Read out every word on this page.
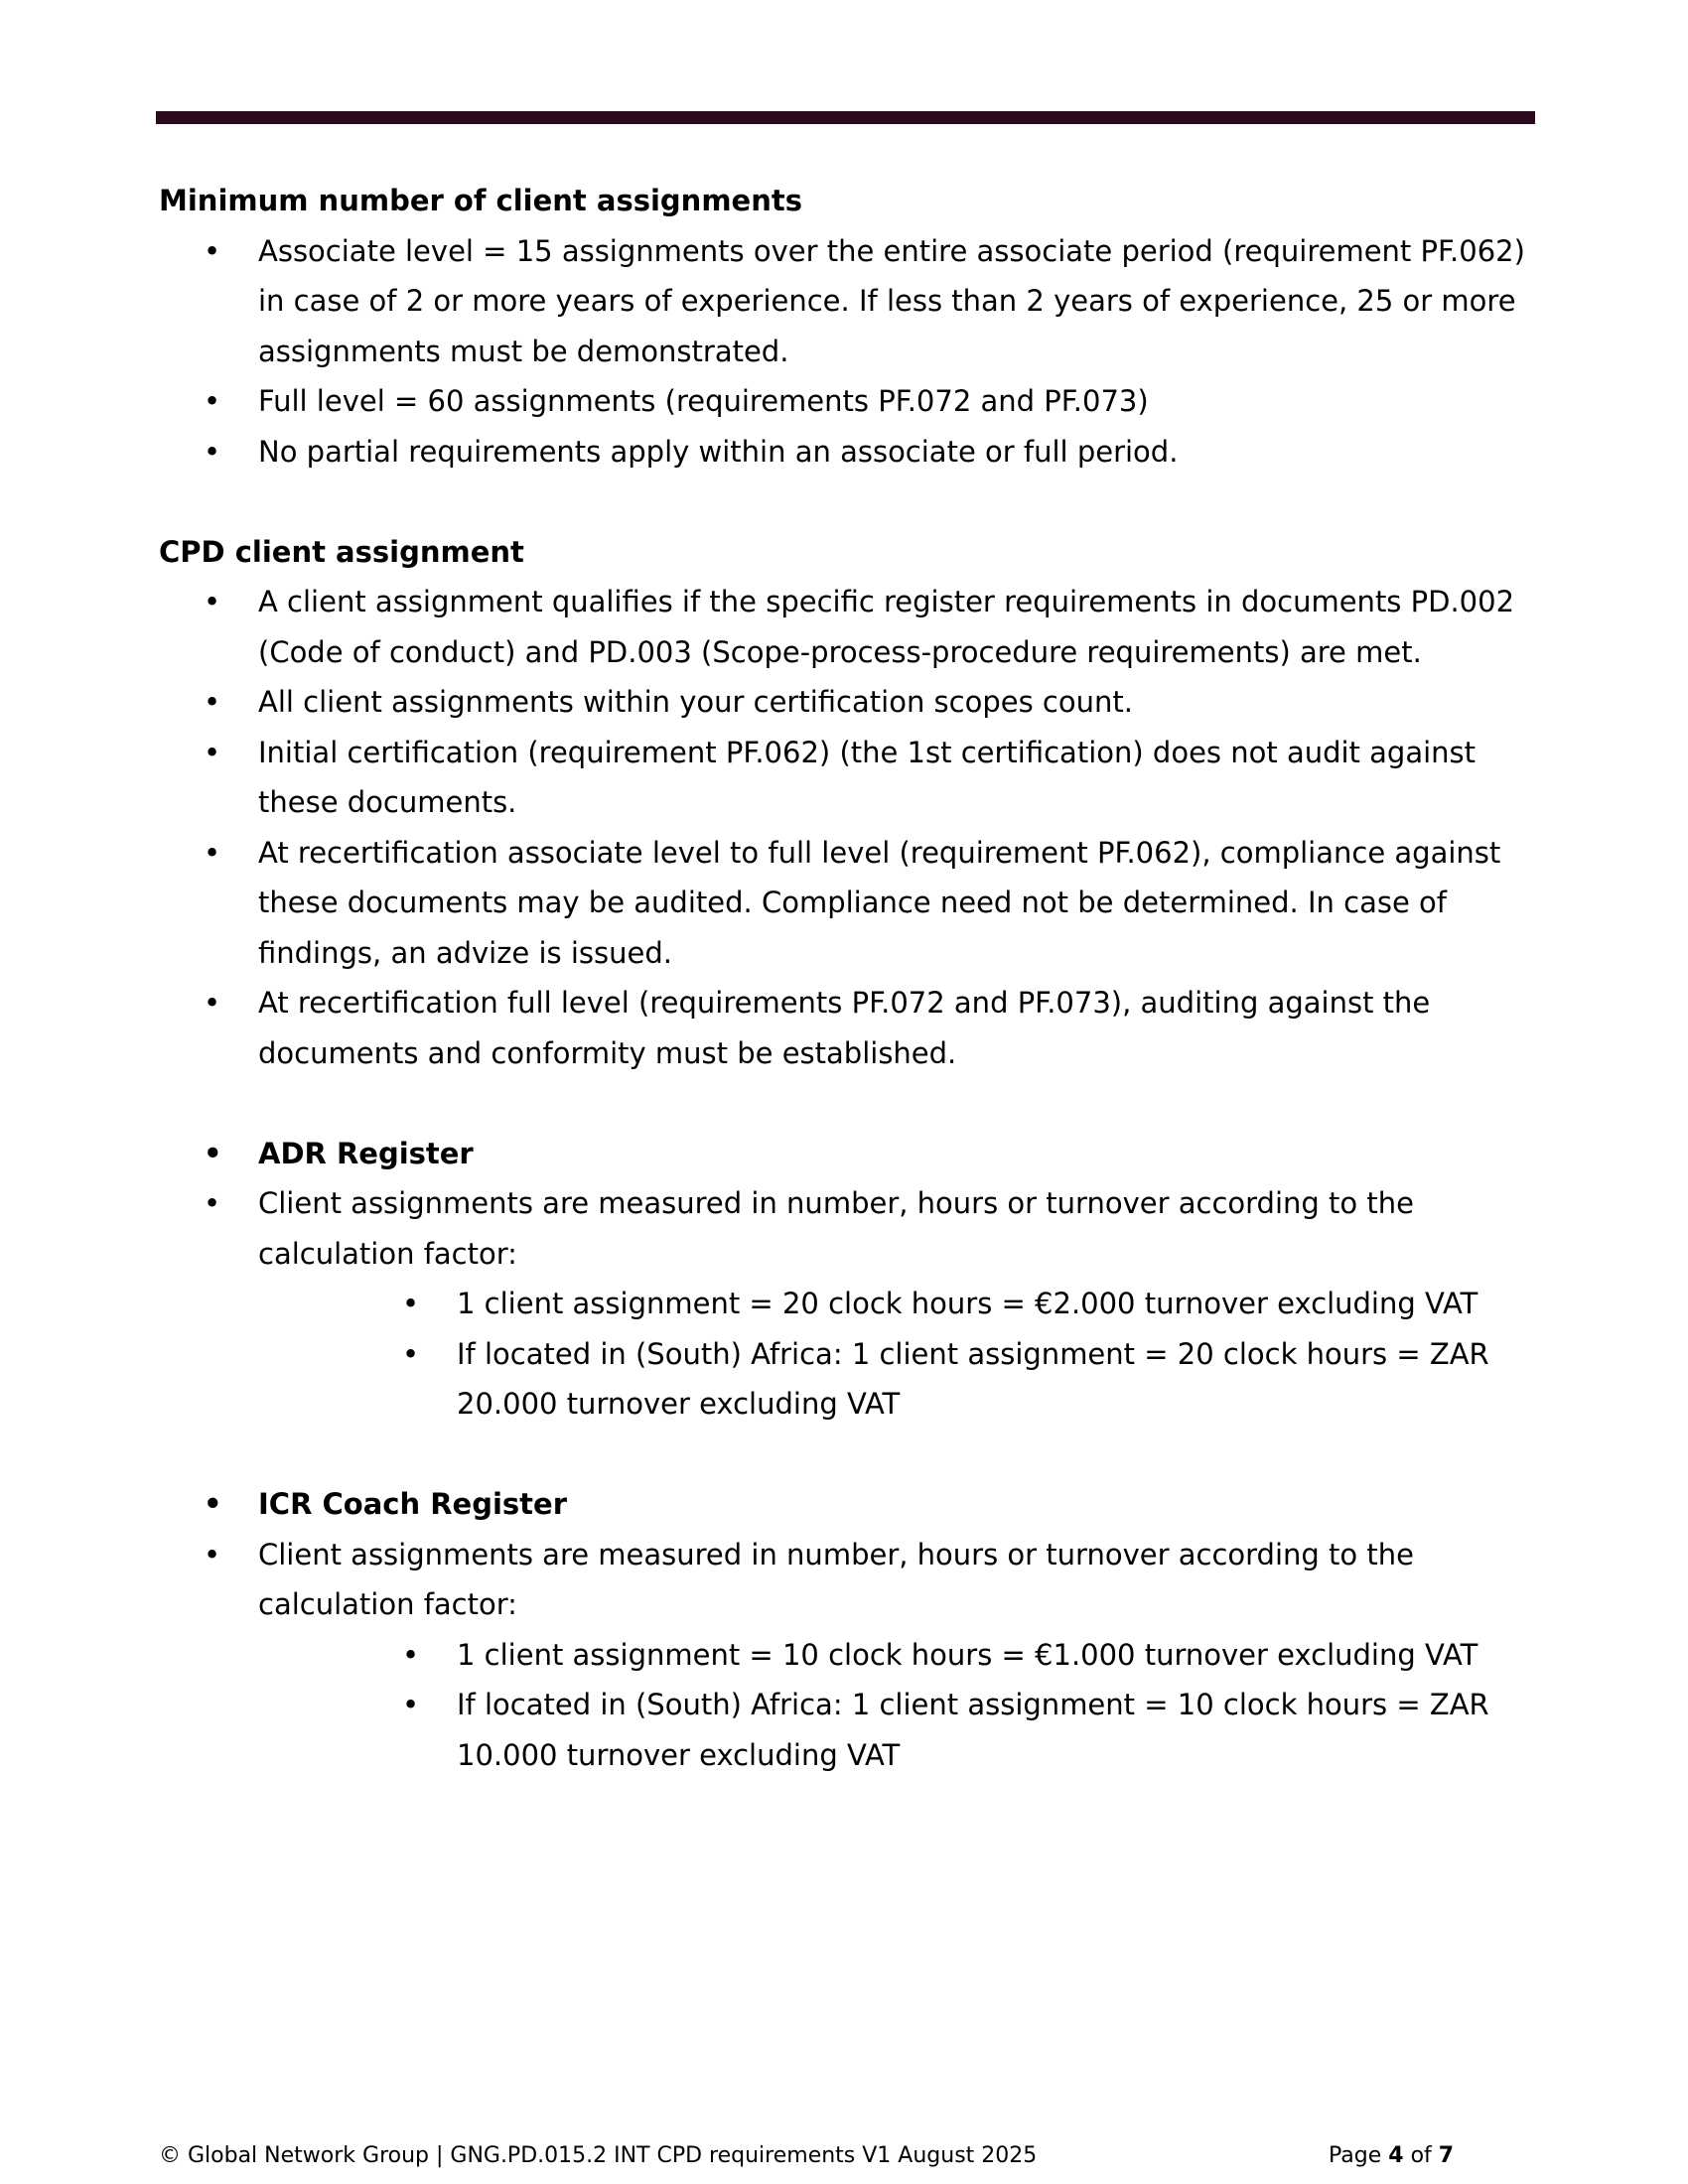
Minimum number of client assignments

• Associate level = 15 assignments over the entire associate period (requirement PF.062) in case of 2 or more years of experience. If less than 2 years of experience, 25 or more assignments must be demonstrated.
• Full level = 60 assignments (requirements PF.072 and PF.073)
• No partial requirements apply within an associate or full period.

CPD client assignment

• A client assignment qualifies if the specific register requirements in documents PD.002 (Code of conduct) and PD.003 (Scope-process-procedure requirements) are met.
• All client assignments within your certification scopes count.
• Initial certification (requirement PF.062) (the 1st certification) does not audit against these documents.
• At recertification associate level to full level (requirement PF.062), compliance against these documents may be audited. Compliance need not be determined. In case of findings, an advize is issued.
• At recertification full level (requirements PF.072 and PF.073), auditing against the documents and conformity must be established.
• ADR Register
• Client assignments are measured in number, hours or turnover according to the calculation factor:
• 1 client assignment = 20 clock hours = €2.000 turnover excluding VAT
• If located in (South) Africa: 1 client assignment = 20 clock hours = ZAR 20.000 turnover excluding VAT
• ICR Coach Register
• Client assignments are measured in number, hours or turnover according to the calculation factor:
• 1 client assignment = 10 clock hours = €1.000 turnover excluding VAT
• If located in (South) Africa: 1 client assignment = 10 clock hours = ZAR 10.000 turnover excluding VAT
© Global Network Group | GNG.PD.015.2 INT CPD requirements V1 August 2025	Page 4 of 7
